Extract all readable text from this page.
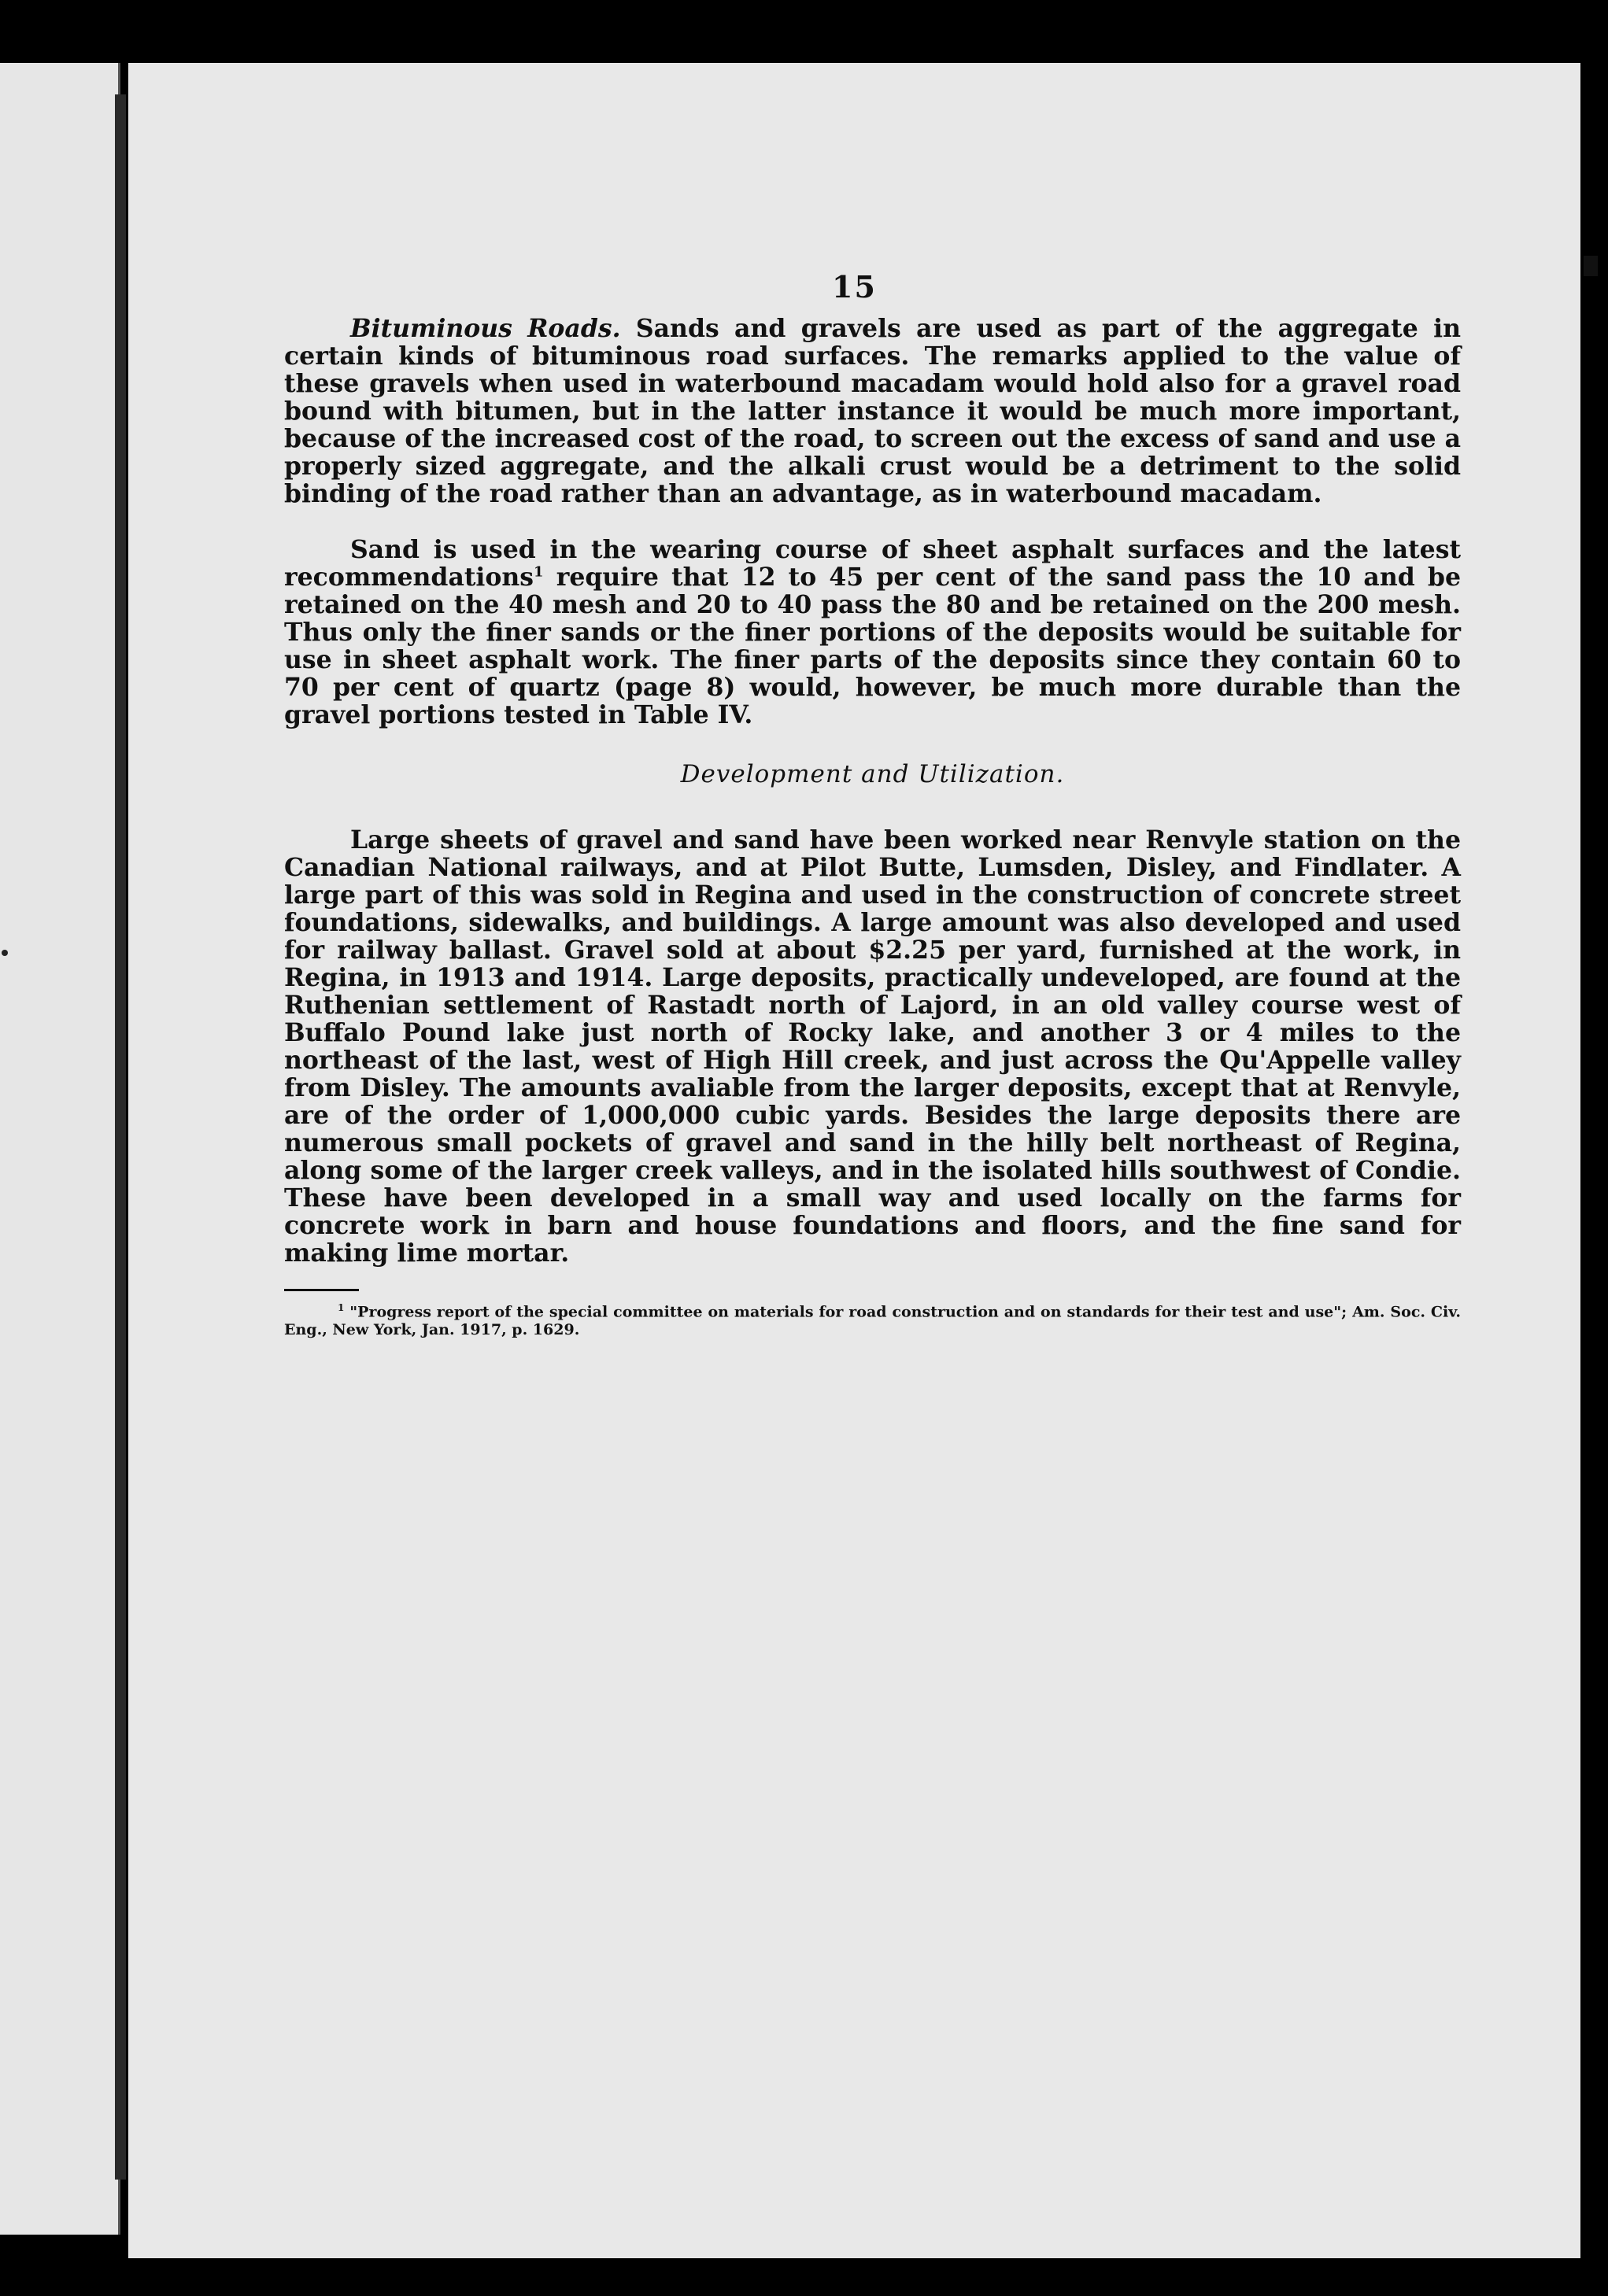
15

Bituminous Roads. Sands and gravels are used as part of the aggregate in certain kinds of bituminous road surfaces. The remarks applied to the value of these gravels when used in waterbound macadam would hold also for a gravel road bound with bitumen, but in the latter instance it would be much more important, because of the increased cost of the road, to screen out the excess of sand and use a properly sized aggregate, and the alkali crust would be a detriment to the solid binding of the road rather than an advantage, as in waterbound macadam.

Sand is used in the wearing course of sheet asphalt surfaces and the latest recommendations$^1$ require that 12 to 45 per cent of the sand pass the 10 and be retained on the 40 mesh and 20 to 40 pass the 80 and be retained on the 200 mesh. Thus only the finer sands or the finer portions of the deposits would be suitable for use in sheet asphalt work. The finer parts of the deposits since they contain 60 to 70 per cent of quartz (page 8) would, however, be much more durable than the gravel portions tested in Table IV.

Development and Utilization.

Large sheets of gravel and sand have been worked near Renvyle station on the Canadian National railways, and at Pilot Butte, Lumsden, Disley, and Findlater. A large part of this was sold in Regina and used in the construction of concrete street foundations, sidewalks, and buildings. A large amount was also developed and used for railway ballast. Gravel sold at about $2.25 per yard, furnished at the work, in Regina, in 1913 and 1914. Large deposits, practically undeveloped, are found at the Ruthenian settlement of Rastadt north of Lajord, in an old valley course west of Buffalo Pound lake just north of Rocky lake, and another 3 or 4 miles to the northeast of the last, west of High Hill creek, and just across the Qu'Appelle valley from Disley. The amounts avaliable from the larger deposits, except that at Renvyle, are of the order of 1,000,000 cubic yards. Besides the large deposits there are numerous small pockets of gravel and sand in the hilly belt northeast of Regina, along some of the larger creek valleys, and in the isolated hills southwest of Condie. These have been developed in a small way and used locally on the farms for concrete work in barn and house foundations and floors, and the fine sand for making lime mortar.

$^1$ "Progress report of the special committee on materials for road construction and on standards for their test and use"; Am. Soc. Civ. Eng., New York, Jan. 1917, p. 1629.
